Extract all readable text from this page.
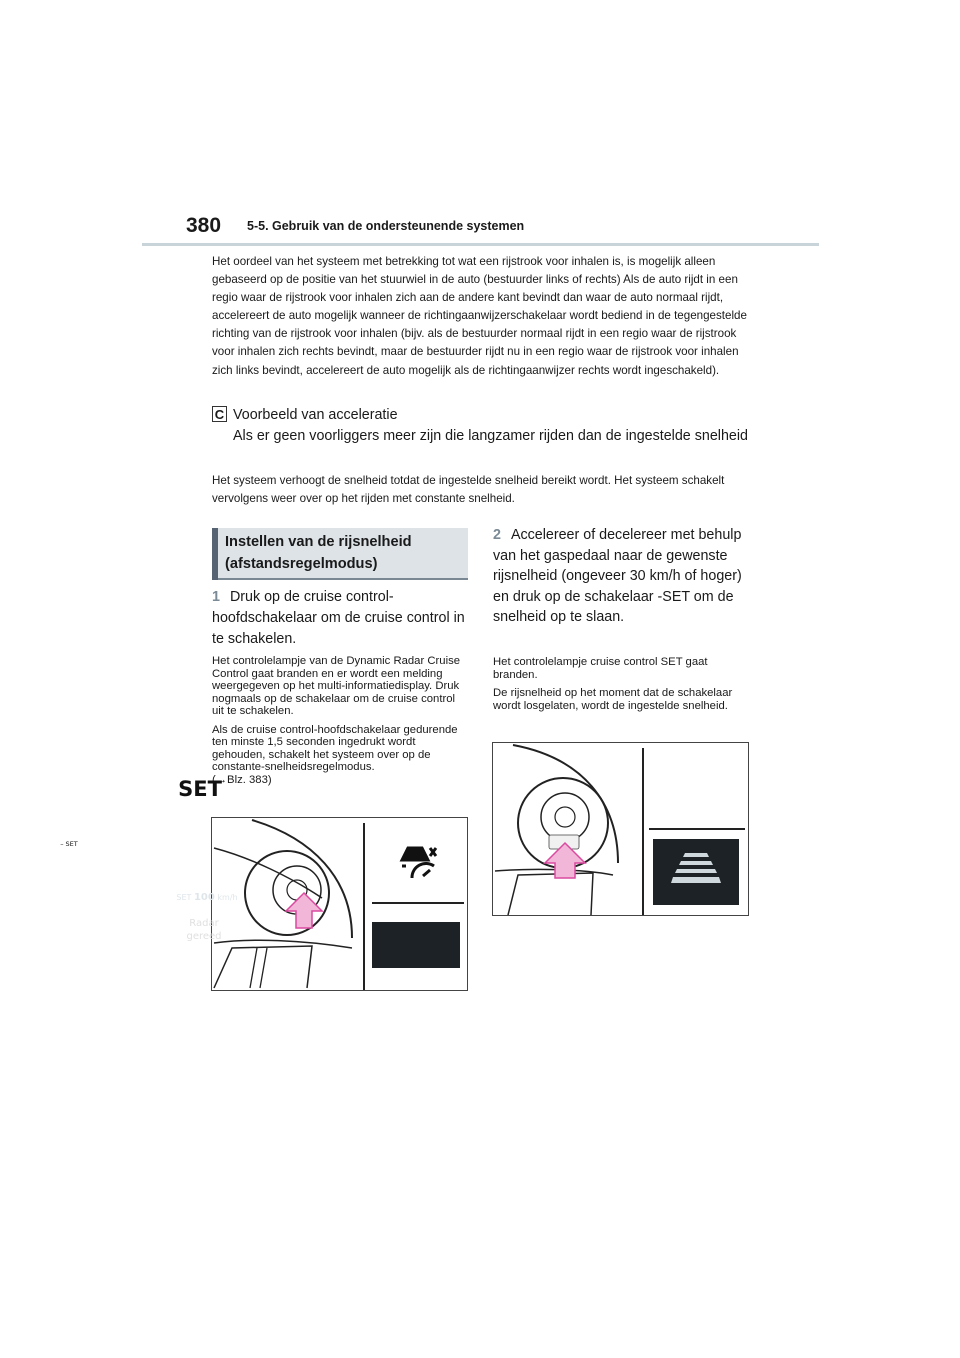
380 5-5. Gebruik van de ondersteunende systemen
Het oordeel van het systeem met betrekking tot wat een rijstrook voor inhalen is, is mogelijk alleen gebaseerd op de positie van het stuurwiel in de auto (bestuurder links of rechts) Als de auto rijdt in een regio waar de rijstrook voor inhalen zich aan de andere kant bevindt dan waar de auto normaal rijdt, accelereert de auto mogelijk wanneer de richtingaanwijzerschakelaar wordt bediend in de tegengestelde richting van de rijstrook voor inhalen (bijv. als de bestuurder normaal rijdt in een regio waar de rijstrook voor inhalen zich rechts bevindt, maar de bestuurder rijdt nu in een regio waar de rijstrook voor inhalen zich links bevindt, accelereert de auto mogelijk als de richtingaanwijzer rechts wordt ingeschakeld).
C Voorbeeld van acceleratie
Als er geen voorliggers meer zijn die langzamer rijden dan de ingestelde snelheid
Het systeem verhoogt de snelheid totdat de ingestelde snelheid bereikt wordt. Het systeem schakelt vervolgens weer over op het rijden met constante snelheid.
Instellen van de rijsnelheid
(afstandsregelmodus)
1 Druk op de cruise control-hoofdschakelaar om de cruise control in te schakelen.

Het controlelampje van de Dynamic Radar Cruise Control gaat branden en er wordt een melding weergegeven op het multi-informatiedisplay. Druk nogmaals op de schakelaar om de cruise control uit te schakelen.

Als de cruise control-hoofdschakelaar gedurende ten minste 1,5 seconden ingedrukt wordt gehouden, schakelt het systeem over op de constante-snelheidsregelmodus.

(→Blz. 383)
2 Accelereer of decelereer met behulp van het gaspedaal naar de gewenste rijsnelheid (ongeveer 30 km/h of hoger) en druk op de schakelaar -SET om de snelheid op te slaan.

Het controlelampje cruise control SET gaat branden.

De rijsnelheid op het moment dat de schakelaar wordt losgelaten, wordt de ingestelde snelheid.

Radar
gereed
– SET
SET
SET 100 km/h
